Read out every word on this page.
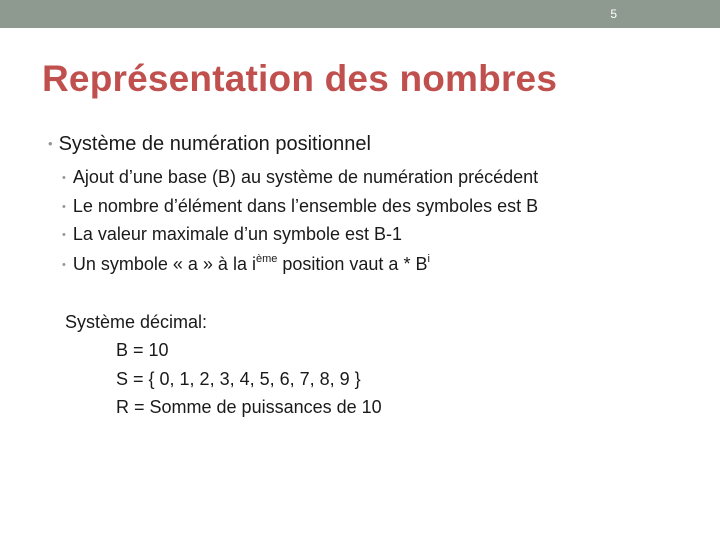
5
Représentation des nombres
• Système de numération positionnel
• Ajout d’une base (B) au système de numération précédent
• Le nombre d’élément dans l’ensemble des symboles est B
• La valeur maximale d’un symbole est B-1
• Un symbole « a » à la $i^{ème}$ position vaut a * $B^i$
Système décimal:
B = 10
S = { 0, 1, 2, 3, 4, 5, 6, 7, 8, 9 }
R = Somme de puissances de 10
